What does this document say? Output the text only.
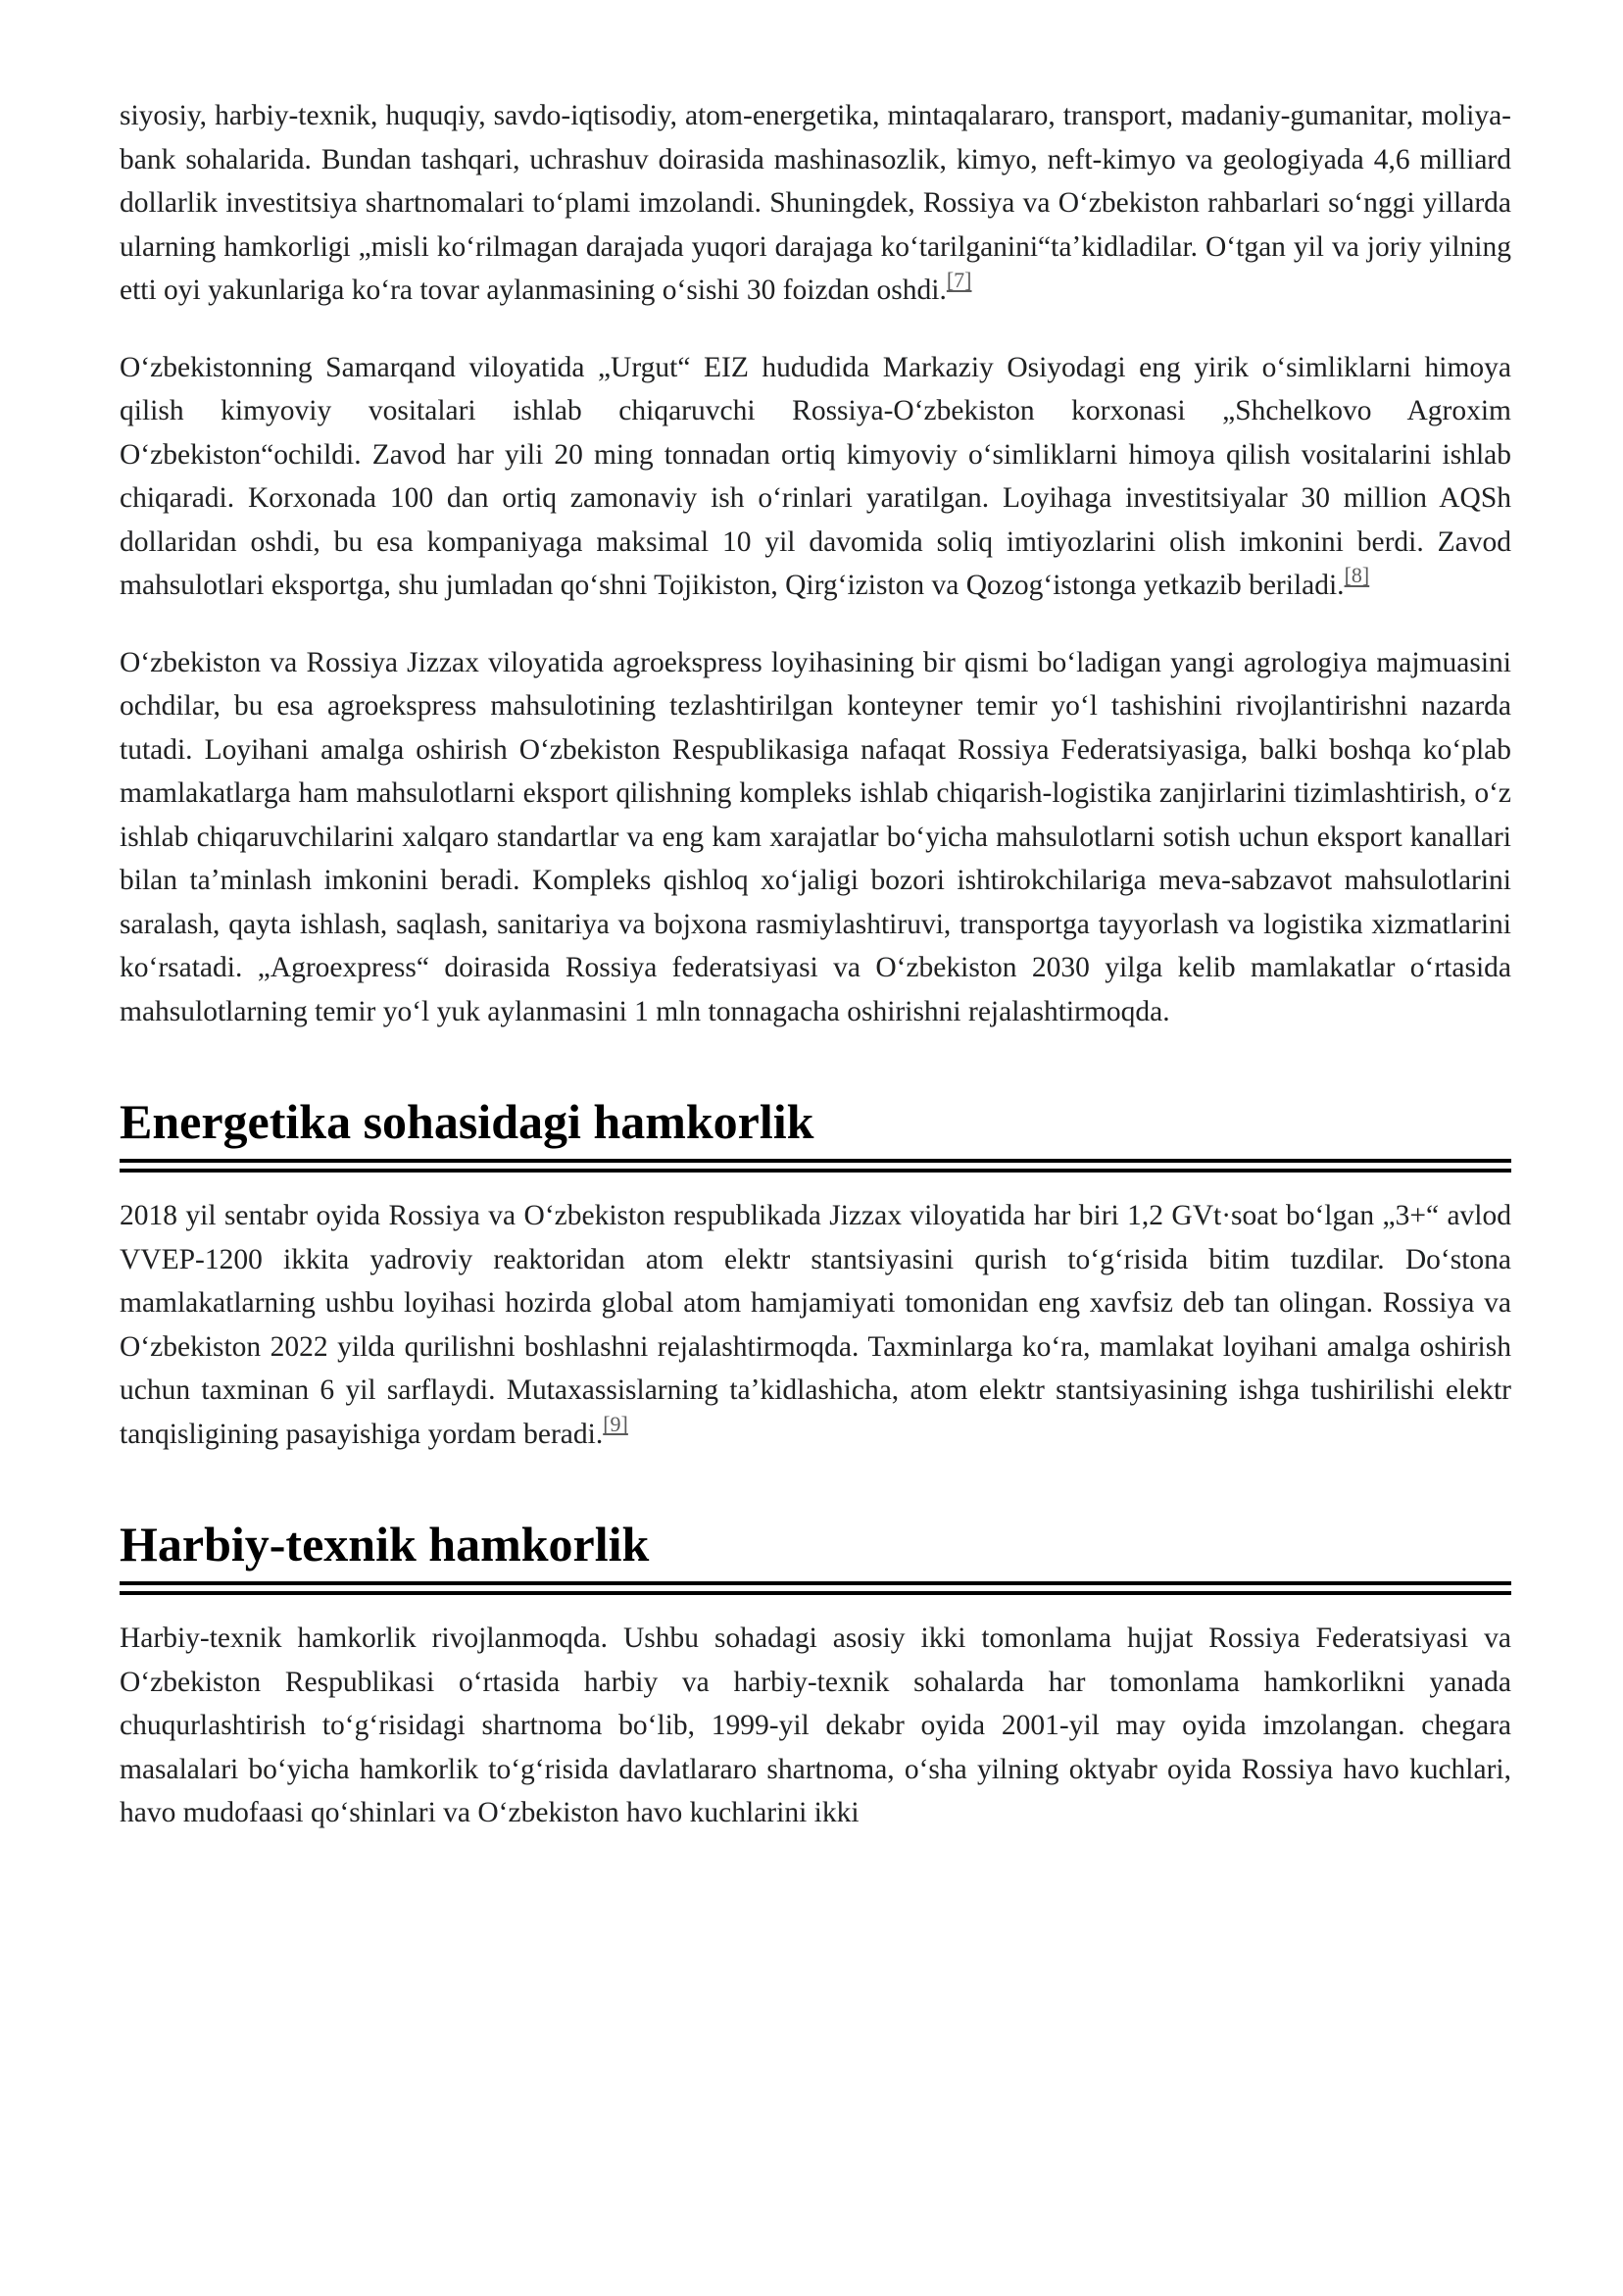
siyosiy, harbiy-texnik, huquqiy, savdo-iqtisodiy, atom-energetika, mintaqalararo, transport, madaniy-gumanitar, moliya-bank sohalarida. Bundan tashqari, uchrashuv doirasida mashinasozlik, kimyo, neft-kimyo va geologiyada 4,6 milliard dollarlik investitsiya shartnomalari toʻplami imzolandi. Shuningdek, Rossiya va Oʻzbekiston rahbarlari soʻnggi yillarda ularning hamkorligi „misli koʻrilmagan darajada yuqori darajaga koʻtarilganini“taʼkidladilar. Oʻtgan yil va joriy yilning etti oyi yakunlariga koʻra tovar aylanmasining oʻsishi 30 foizdan oshdi.[7]

Oʻzbekistonning Samarqand viloyatida „Urgut“ EIZ hududida Markaziy Osiyodagi eng yirik oʻsimliklarni himoya qilish kimyoviy vositalari ishlab chiqaruvchi Rossiya-Oʻzbekiston korxonasi „Shchelkovo Agroxim Oʻzbekiston“ochildi. Zavod har yili 20 ming tonnadan ortiq kimyoviy oʻsimliklarni himoya qilish vositalarini ishlab chiqaradi. Korxonada 100 dan ortiq zamonaviy ish oʻrinlari yaratilgan. Loyihaga investitsiyalar 30 million AQSh dollaridan oshdi, bu esa kompaniyaga maksimal 10 yil davomida soliq imtiyozlarini olish imkonini berdi. Zavod mahsulotlari eksportga, shu jumladan qoʻshni Tojikiston, Qirgʻiziston va Qozogʻistonga yetkazib beriladi.[8]

Oʻzbekiston va Rossiya Jizzax viloyatida agroekspress loyihasining bir qismi boʻladigan yangi agrologiya majmuasini ochdilar, bu esa agroekspress mahsulotining tezlashtirilgan konteyner temir yoʻl tashishini rivojlantirishni nazarda tutadi. Loyihani amalga oshirish Oʻzbekiston Respublikasiga nafaqat Rossiya Federatsiyasiga, balki boshqa koʻplab mamlakatlarga ham mahsulotlarni eksport qilishning kompleks ishlab chiqarish-logistika zanjirlarini tizimlashtirish, oʻz ishlab chiqaruvchilarini xalqaro standartlar va eng kam xarajatlar boʻyicha mahsulotlarni sotish uchun eksport kanallari bilan taʼminlash imkonini beradi. Kompleks qishloq xoʻjaligi bozori ishtirokchilariga meva-sabzavot mahsulotlarini saralash, qayta ishlash, saqlash, sanitariya va bojxona rasmiylashtiruvi, transportga tayyorlash va logistika xizmatlarini koʻrsatadi. „Agroexpress“ doirasida Rossiya federatsiyasi va Oʻzbekiston 2030 yilga kelib mamlakatlar oʻrtasida mahsulotlarning temir yoʻl yuk aylanmasini 1 mln tonnagacha oshirishni rejalashtirmoqda.

Energetika sohasidagi hamkorlik

2018 yil sentabr oyida Rossiya va Oʻzbekiston respublikada Jizzax viloyatida har biri 1,2 GVt·soat boʻlgan „3+“ avlod VVEP-1200 ikkita yadroviy reaktoridan atom elektr stantsiyasini qurish toʻgʻrisida bitim tuzdilar. Doʻstona mamlakatlarning ushbu loyihasi hozirda global atom hamjamiyati tomonidan eng xavfsiz deb tan olingan. Rossiya va Oʻzbekiston 2022 yilda qurilishni boshlashni rejalashtirmoqda. Taxminlarga koʻra, mamlakat loyihani amalga oshirish uchun taxminan 6 yil sarflaydi. Mutaxassislarning taʼkidlashicha, atom elektr stantsiyasining ishga tushirilishi elektr tanqisligining pasayishiga yordam beradi.[9]

Harbiy-texnik hamkorlik

Harbiy-texnik hamkorlik rivojlanmoqda. Ushbu sohadagi asosiy ikki tomonlama hujjat Rossiya Federatsiyasi va Oʻzbekiston Respublikasi oʻrtasida harbiy va harbiy-texnik sohalarda har tomonlama hamkorlikni yanada chuqurlashtirish toʻgʻrisidagi shartnoma boʻlib, 1999-yil dekabr oyida 2001-yil may oyida imzolangan. chegara masalalari boʻyicha hamkorlik toʻgʻrisida davlatlararo shartnoma, oʻsha yilning oktyabr oyida Rossiya havo kuchlari, havo mudofaasi qoʻshinlari va Oʻzbekiston havo kuchlarini ikki
